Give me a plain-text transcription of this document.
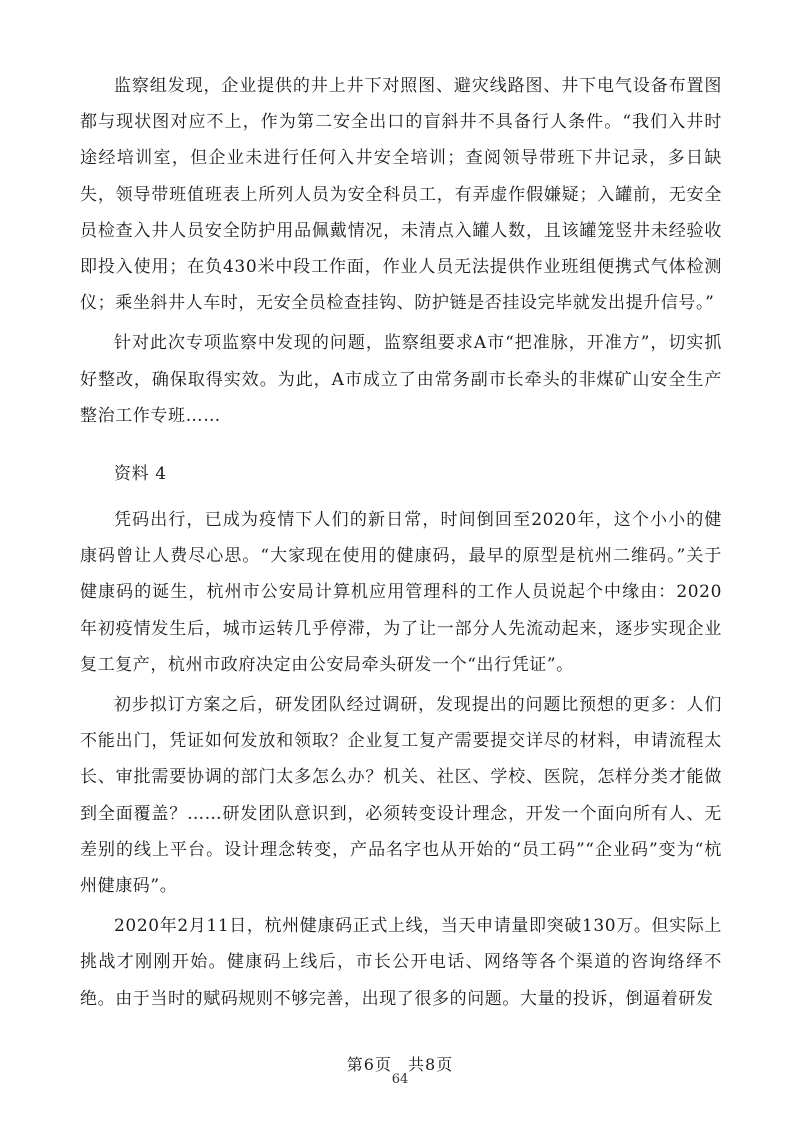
监察组发现，企业提供的井上井下对照图、避灾线路图、井下电气设备布置图都与现状图对应不上，作为第二安全出口的盲斜井不具备行人条件。“我们入井时途经培训室，但企业未进行任何入井安全培训；查阅领导带班下井记录，多日缺失，领导带班值班表上所列人员为安全科员工，有弄虚作假嫌疑；入罐前，无安全员检查入井人员安全防护用品佩戴情况，未清点入罐人数，且该罐笼竖井未经验收即投入使用；在负430米中段工作面，作业人员无法提供作业班组便携式气体检测仪；乘坐斜井人车时，无安全员检查挂钩、防护链是否挂设完毕就发出提升信号。”

针对此次专项监察中发现的问题，监察组要求A市“把准脉，开准方”，切实抓好整改，确保取得实效。为此，A市成立了由常务副市长牵头的非煤矿山安全生产整治工作专班……

资料 4

凭码出行，已成为疫情下人们的新日常，时间倒回至2020年，这个小小的健康码曾让人费尽心思。“大家现在使用的健康码，最早的原型是杭州二维码。”关于健康码的诞生，杭州市公安局计算机应用管理科的工作人员说起个中缘由：2020年初疫情发生后，城市运转几乎停滞，为了让一部分人先流动起来，逐步实现企业复工复产，杭州市政府决定由公安局牵头研发一个“出行凭证”。

初步拟订方案之后，研发团队经过调研，发现提出的问题比预想的更多：人们不能出门，凭证如何发放和领取？企业复工复产需要提交详尽的材料，申请流程太长、审批需要协调的部门太多怎么办？机关、社区、学校、医院，怎样分类才能做到全面覆盖？……研发团队意识到，必须转变设计理念，开发一个面向所有人、无差别的线上平台。设计理念转变，产品名字也从开始的“员工码”“企业码”变为“杭州健康码”。

2020年2月11日，杭州健康码正式上线，当天申请量即突破130万。但实际上挑战才刚刚开始。健康码上线后，市长公开电话、网络等各个渠道的咨询络绎不绝。由于当时的赋码规则不够完善，出现了很多的问题。大量的投诉，倒逼着研发

第6页 共8页
64
